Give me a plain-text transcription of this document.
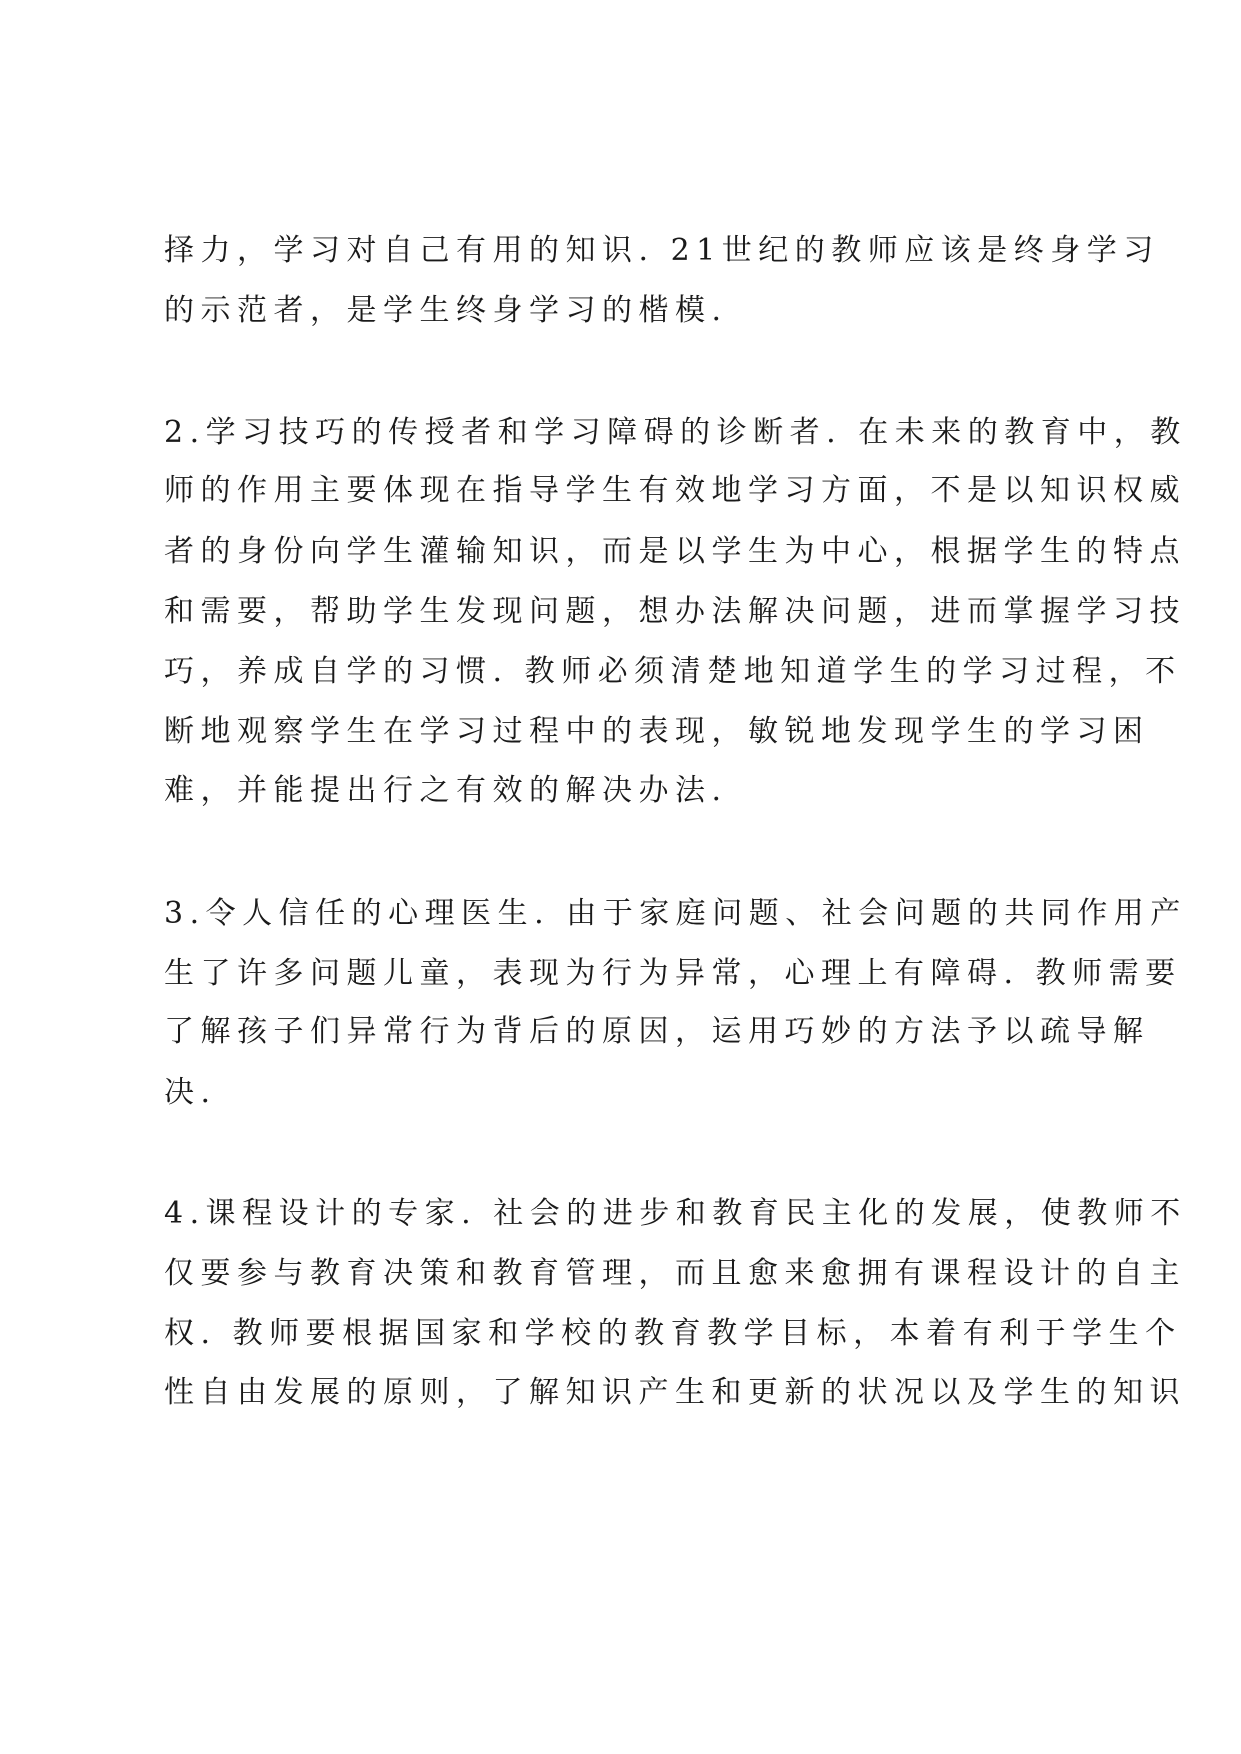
择力，学习对自己有用的知识. 21世纪的教师应该是终身学习
的示范者，是学生终身学习的楷模.
2.学习技巧的传授者和学习障碍的诊断者. 在未来的教育中，教
师的作用主要体现在指导学生有效地学习方面，不是以知识权威
者的身份向学生灌输知识，而是以学生为中心，根据学生的特点
和需要，帮助学生发现问题，想办法解决问题，进而掌握学习技
巧，养成自学的习惯. 教师必须清楚地知道学生的学习过程，不
断地观察学生在学习过程中的表现，敏锐地发现学生的学习困
难，并能提出行之有效的解决办法.
3.令人信任的心理医生. 由于家庭问题、社会问题的共同作用产
生了许多问题儿童，表现为行为异常，心理上有障碍. 教师需要
了解孩子们异常行为背后的原因，运用巧妙的方法予以疏导解
决.
4.课程设计的专家. 社会的进步和教育民主化的发展，使教师不
仅要参与教育决策和教育管理，而且愈来愈拥有课程设计的自主
权. 教师要根据国家和学校的教育教学目标，本着有利于学生个
性自由发展的原则，了解知识产生和更新的状况以及学生的知识
